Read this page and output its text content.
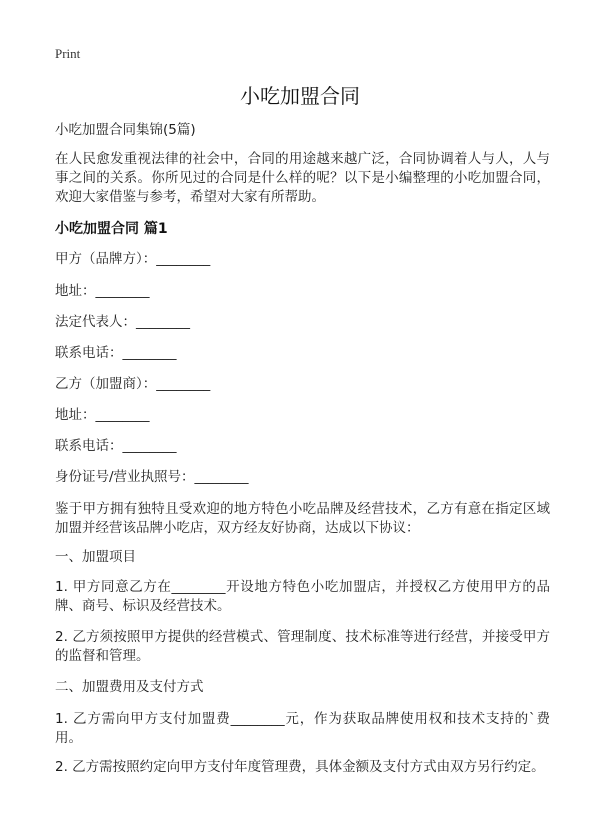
Print
小吃加盟合同

小吃加盟合同集锦(5篇)

在人民愈发重视法律的社会中，合同的用途越来越广泛，合同协调着人与人，人与事之间的关系。你所见过的合同是什么样的呢？以下是小编整理的小吃加盟合同，欢迎大家借鉴与参考，希望对大家有所帮助。

小吃加盟合同 篇1

甲方（品牌方）：________

地址：________

法定代表人：________

联系电话：________

乙方（加盟商）：________

地址：________

联系电话：________

身份证号/营业执照号：________

鉴于甲方拥有独特且受欢迎的地方特色小吃品牌及经营技术，乙方有意在指定区域加盟并经营该品牌小吃店，双方经友好协商，达成以下协议：

一、加盟项目

1. 甲方同意乙方在________开设地方特色小吃加盟店，并授权乙方使用甲方的品牌、商号、标识及经营技术。

2. 乙方须按照甲方提供的经营模式、管理制度、技术标准等进行经营，并接受甲方的监督和管理。

二、加盟费用及支付方式

1. 乙方需向甲方支付加盟费________元，作为获取品牌使用权和技术支持的`费用。

2. 乙方需按照约定向甲方支付年度管理费，具体金额及支付方式由双方另行约定。
